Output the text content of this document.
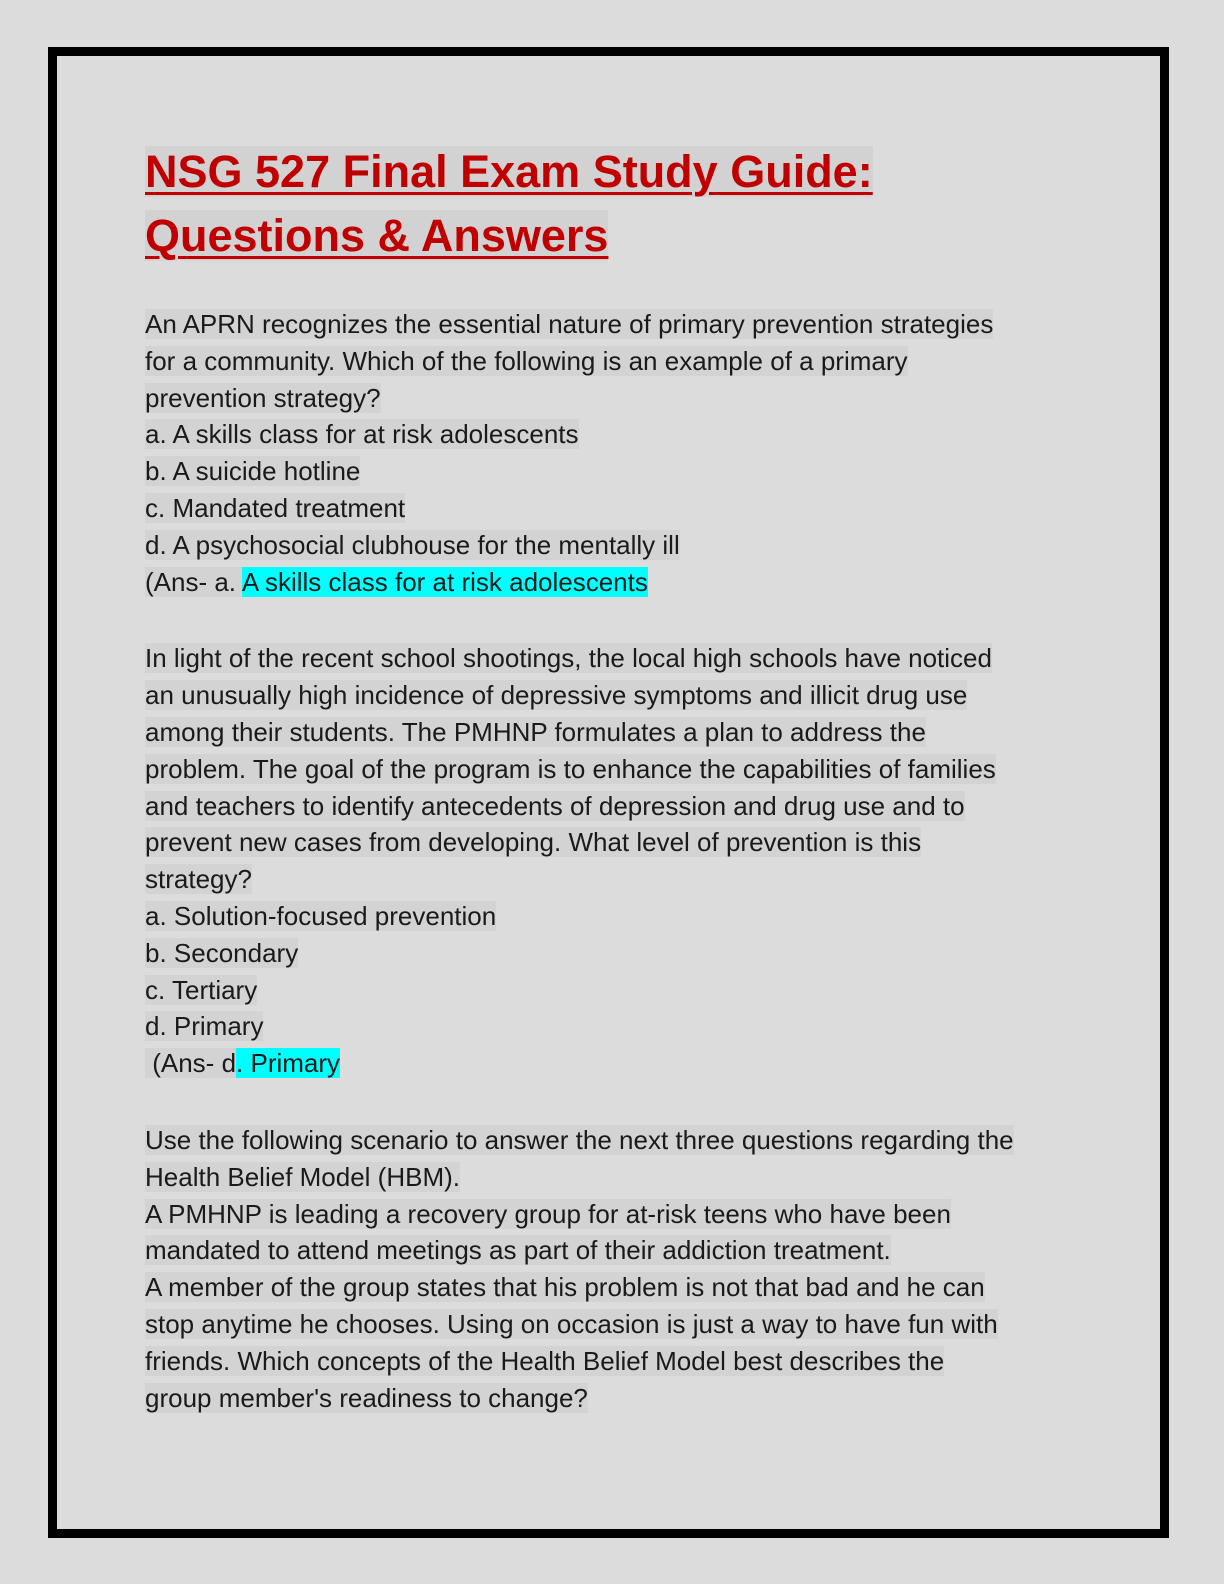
NSG 527 Final Exam Study Guide:
Questions & Answers
An APRN recognizes the essential nature of primary prevention strategies
for a community. Which of the following is an example of a primary
prevention strategy?
a. A skills class for at risk adolescents
b. A suicide hotline
c. Mandated treatment
d. A psychosocial clubhouse for the mentally ill
(Ans- a. A skills class for at risk adolescents
In light of the recent school shootings, the local high schools have noticed
an unusually high incidence of depressive symptoms and illicit drug use
among their students. The PMHNP formulates a plan to address the
problem. The goal of the program is to enhance the capabilities of families
and teachers to identify antecedents of depression and drug use and to
prevent new cases from developing. What level of prevention is this
strategy?
a. Solution-focused prevention
b. Secondary
c. Tertiary
d. Primary
(Ans- d. Primary
Use the following scenario to answer the next three questions regarding the
Health Belief Model (HBM).
A PMHNP is leading a recovery group for at-risk teens who have been
mandated to attend meetings as part of their addiction treatment.
A member of the group states that his problem is not that bad and he can
stop anytime he chooses. Using on occasion is just a way to have fun with
friends. Which concepts of the Health Belief Model best describes the
group member's readiness to change?
